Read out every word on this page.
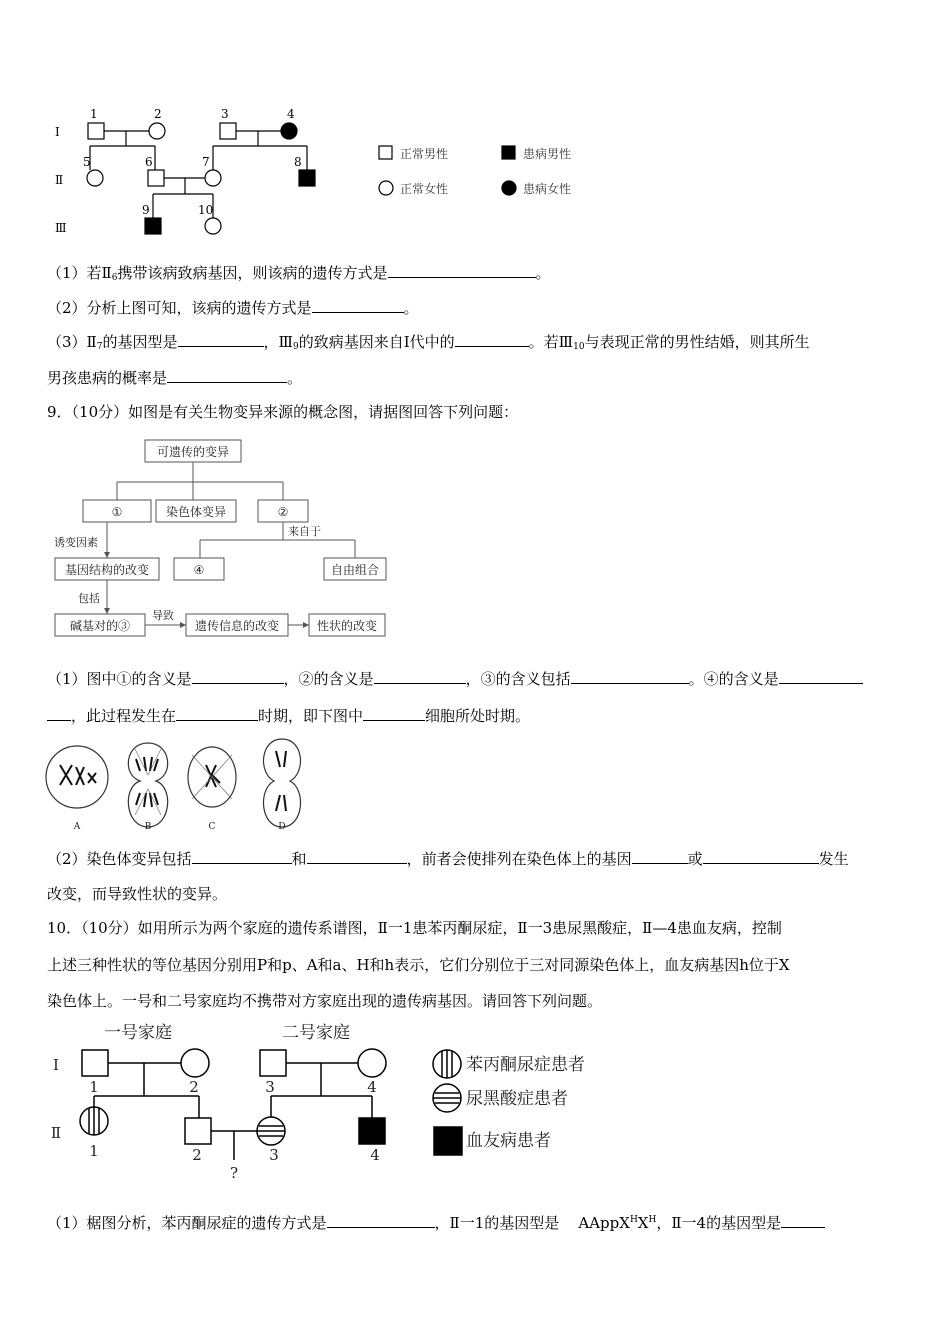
Ⅰ
Ⅱ
Ⅲ
1	2	3	4
5	6	7	8
9	10
正常男性	患病男性
正常女性	患病女性
（1）若$Ⅱ_6$携带该病致病基因，则该病的遗传方式是	。
（2）分析上图可知，该病的遗传方式是	。
$(3)Ⅱ_7$的基因型是	，$Ⅲ_9$的致病基因来自Ⅰ代中的	。若$Ⅲ_{10}$与表现正常的男性结婚，则其所生
男孩患病的概率是	。
9．（10分）如图是有关生物变异来源的概念图，请据图回答下列问题：
可遗传的变异
①	染色体变异	②
基因结构的改变	④	自由组合
碱基对的③	遗传信息的改变	性状的改变
来自于
诱变因素
包括
导致
（1）图中①的含义是	，②的含义是	，③的含义包括	。④的含义是
，此过程发生在	时期，即下图中	细胞所处时期。
A	B	C	D
（2）染色体变异包括	和	，前者会使排列在染色体上的基因	或	发生
改变，而导致性状的变异。
10．（10分）如用所示为两个家庭的遗传系谱图，Ⅱ一1患苯丙酮尿症，Ⅱ一3患尿黑酸症，Ⅱ—4患血友病，控制
上述三种性状的等位基因分别用P和p、A和a、H和h表示，它们分别位于三对同源染色体上，血友病基因h位于X
染色体上。一号和二号家庭均不携带对方家庭出现的遗传病基因。请回答下列问题。
一号家庭	二号家庭
苯丙酮尿症患者
尿黑酸症患者
血友病患者
Ⅰ
Ⅱ
1	2	3	4
1	2	3	4
?
（1）椐图分析，苯丙酮尿症的遗传方式是	，Ⅱ一1的基因型是 $AAppX^HX^H$，Ⅱ一4的基因型是
